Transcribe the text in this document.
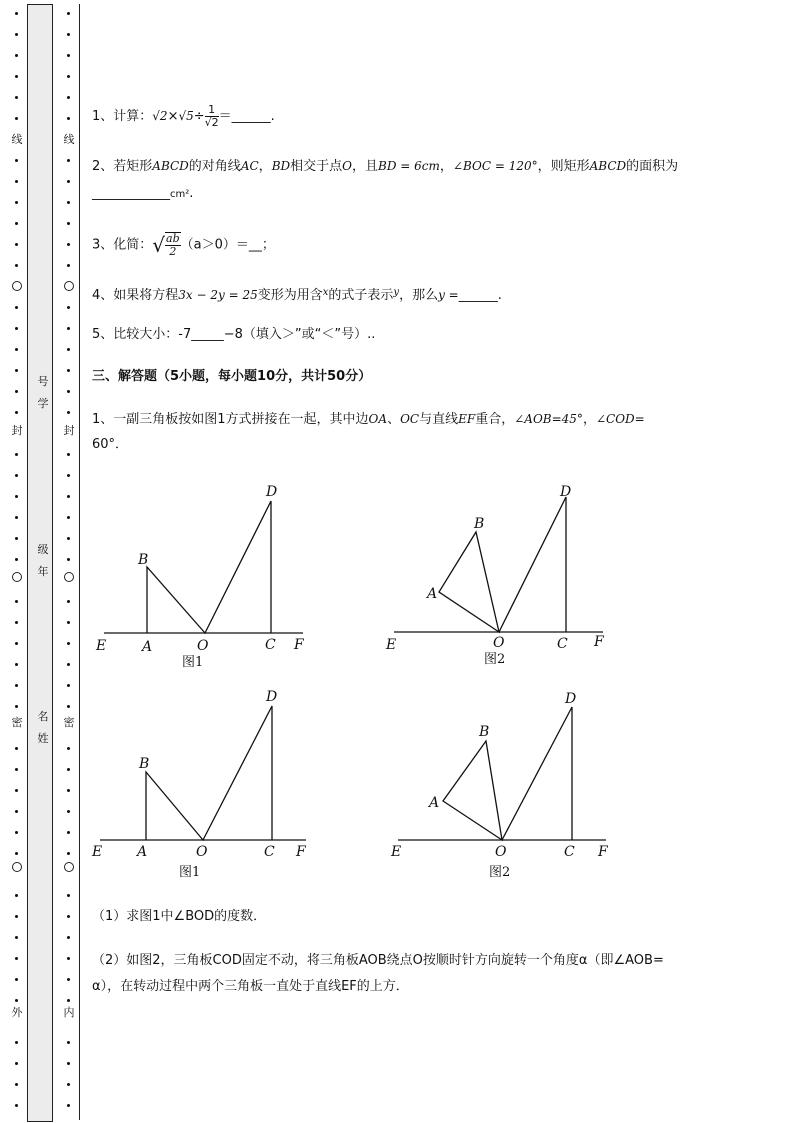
线
封
密
外
线
封
密
内
号
学
级
年
名
姓
1、计算：$√2\times√5\div \frac{1}{√2}$ ＝______.
2、若矩形ABCD的对角线AC，BD相交于点O，且BD = 6cm，∠BOC = 120°，则矩形ABCD的面积为
____________cm².
3、化简：√ $\frac{ab}{2}$ （a＞0）＝__；
4、如果将方程3x − 2y = 25变形为用含$^x$的式子表示$^y$，那么y =______.
5、比较大小：-7_____−8（填入＞”或“＜”号）..
三、解答题（5小题，每小题10分，共计50分）
1、一副三角板按如图1方式拼接在一起，其中边OA、OC与直线EF重合，∠AOB=45°，∠COD=
60°．
（1）求图1中∠BOD的度数．
（2）如图2，三角板COD固定不动，将三角板AOB绕点O按顺时针方向旋转一个角度α（即∠AOB=
α），在转动过程中两个三角板一直处于直线EF的上方．
E	A	O	C F
B
D
E	O	C F
A
B
D
E A	O	C F
B
D
E	O	C F
A
B
D
图1	图2
图1	图2
